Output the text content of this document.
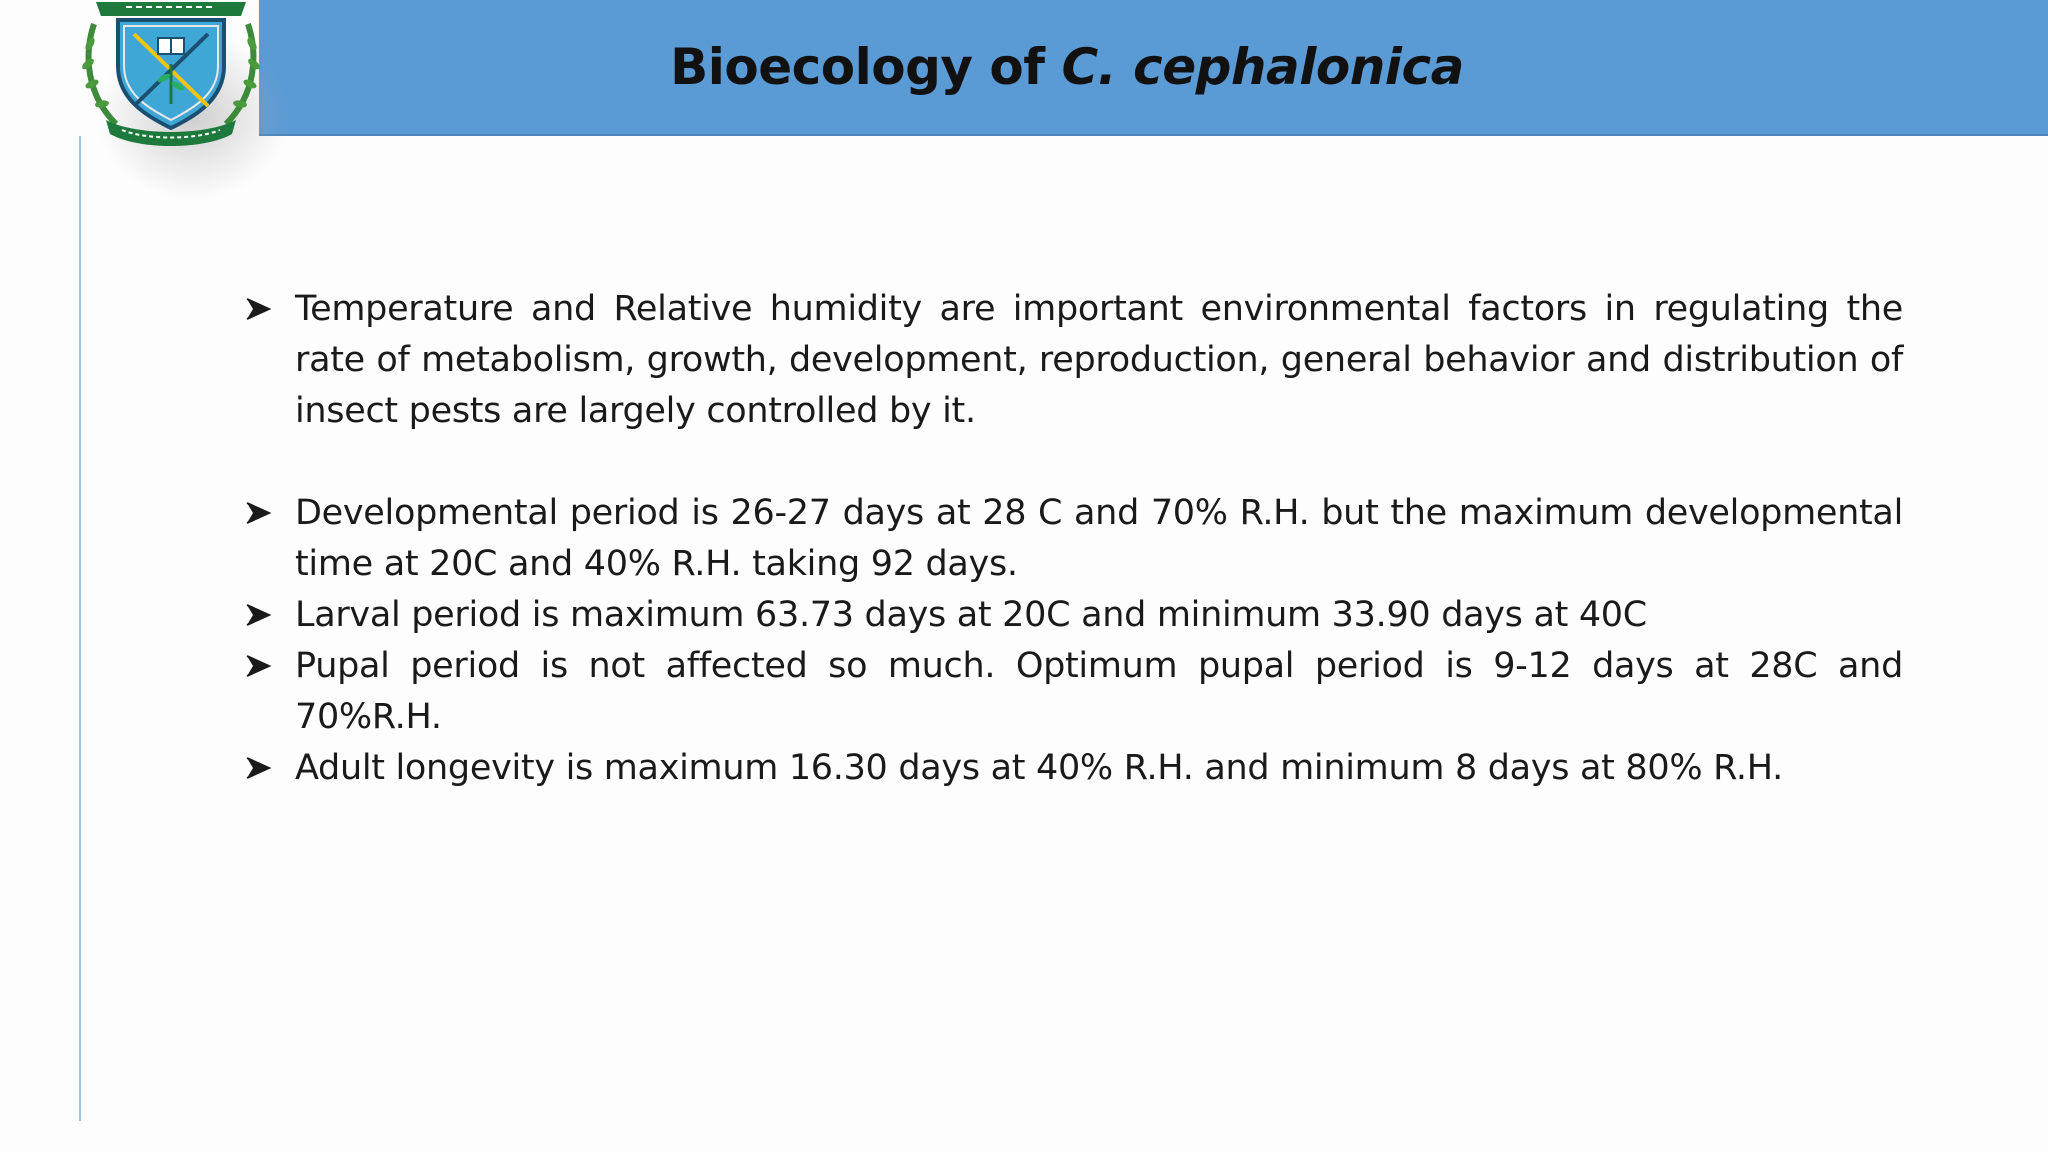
Bioecology of C. cephalonica
Temperature and Relative humidity are important environmental factors in regulating the rate of metabolism, growth, development, reproduction, general behavior and distribution of insect pests are largely controlled by it.
Developmental period is 26-27 days at 28 C and 70% R.H. but the maximum developmental time at 20C and 40% R.H. taking 92 days.
Larval period is maximum 63.73 days at 20C and minimum 33.90 days at 40C
Pupal period is not affected so much. Optimum pupal period is 9-12 days at 28C and 70%R.H.
Adult longevity is maximum 16.30 days at 40% R.H. and minimum 8 days at 80% R.H.
